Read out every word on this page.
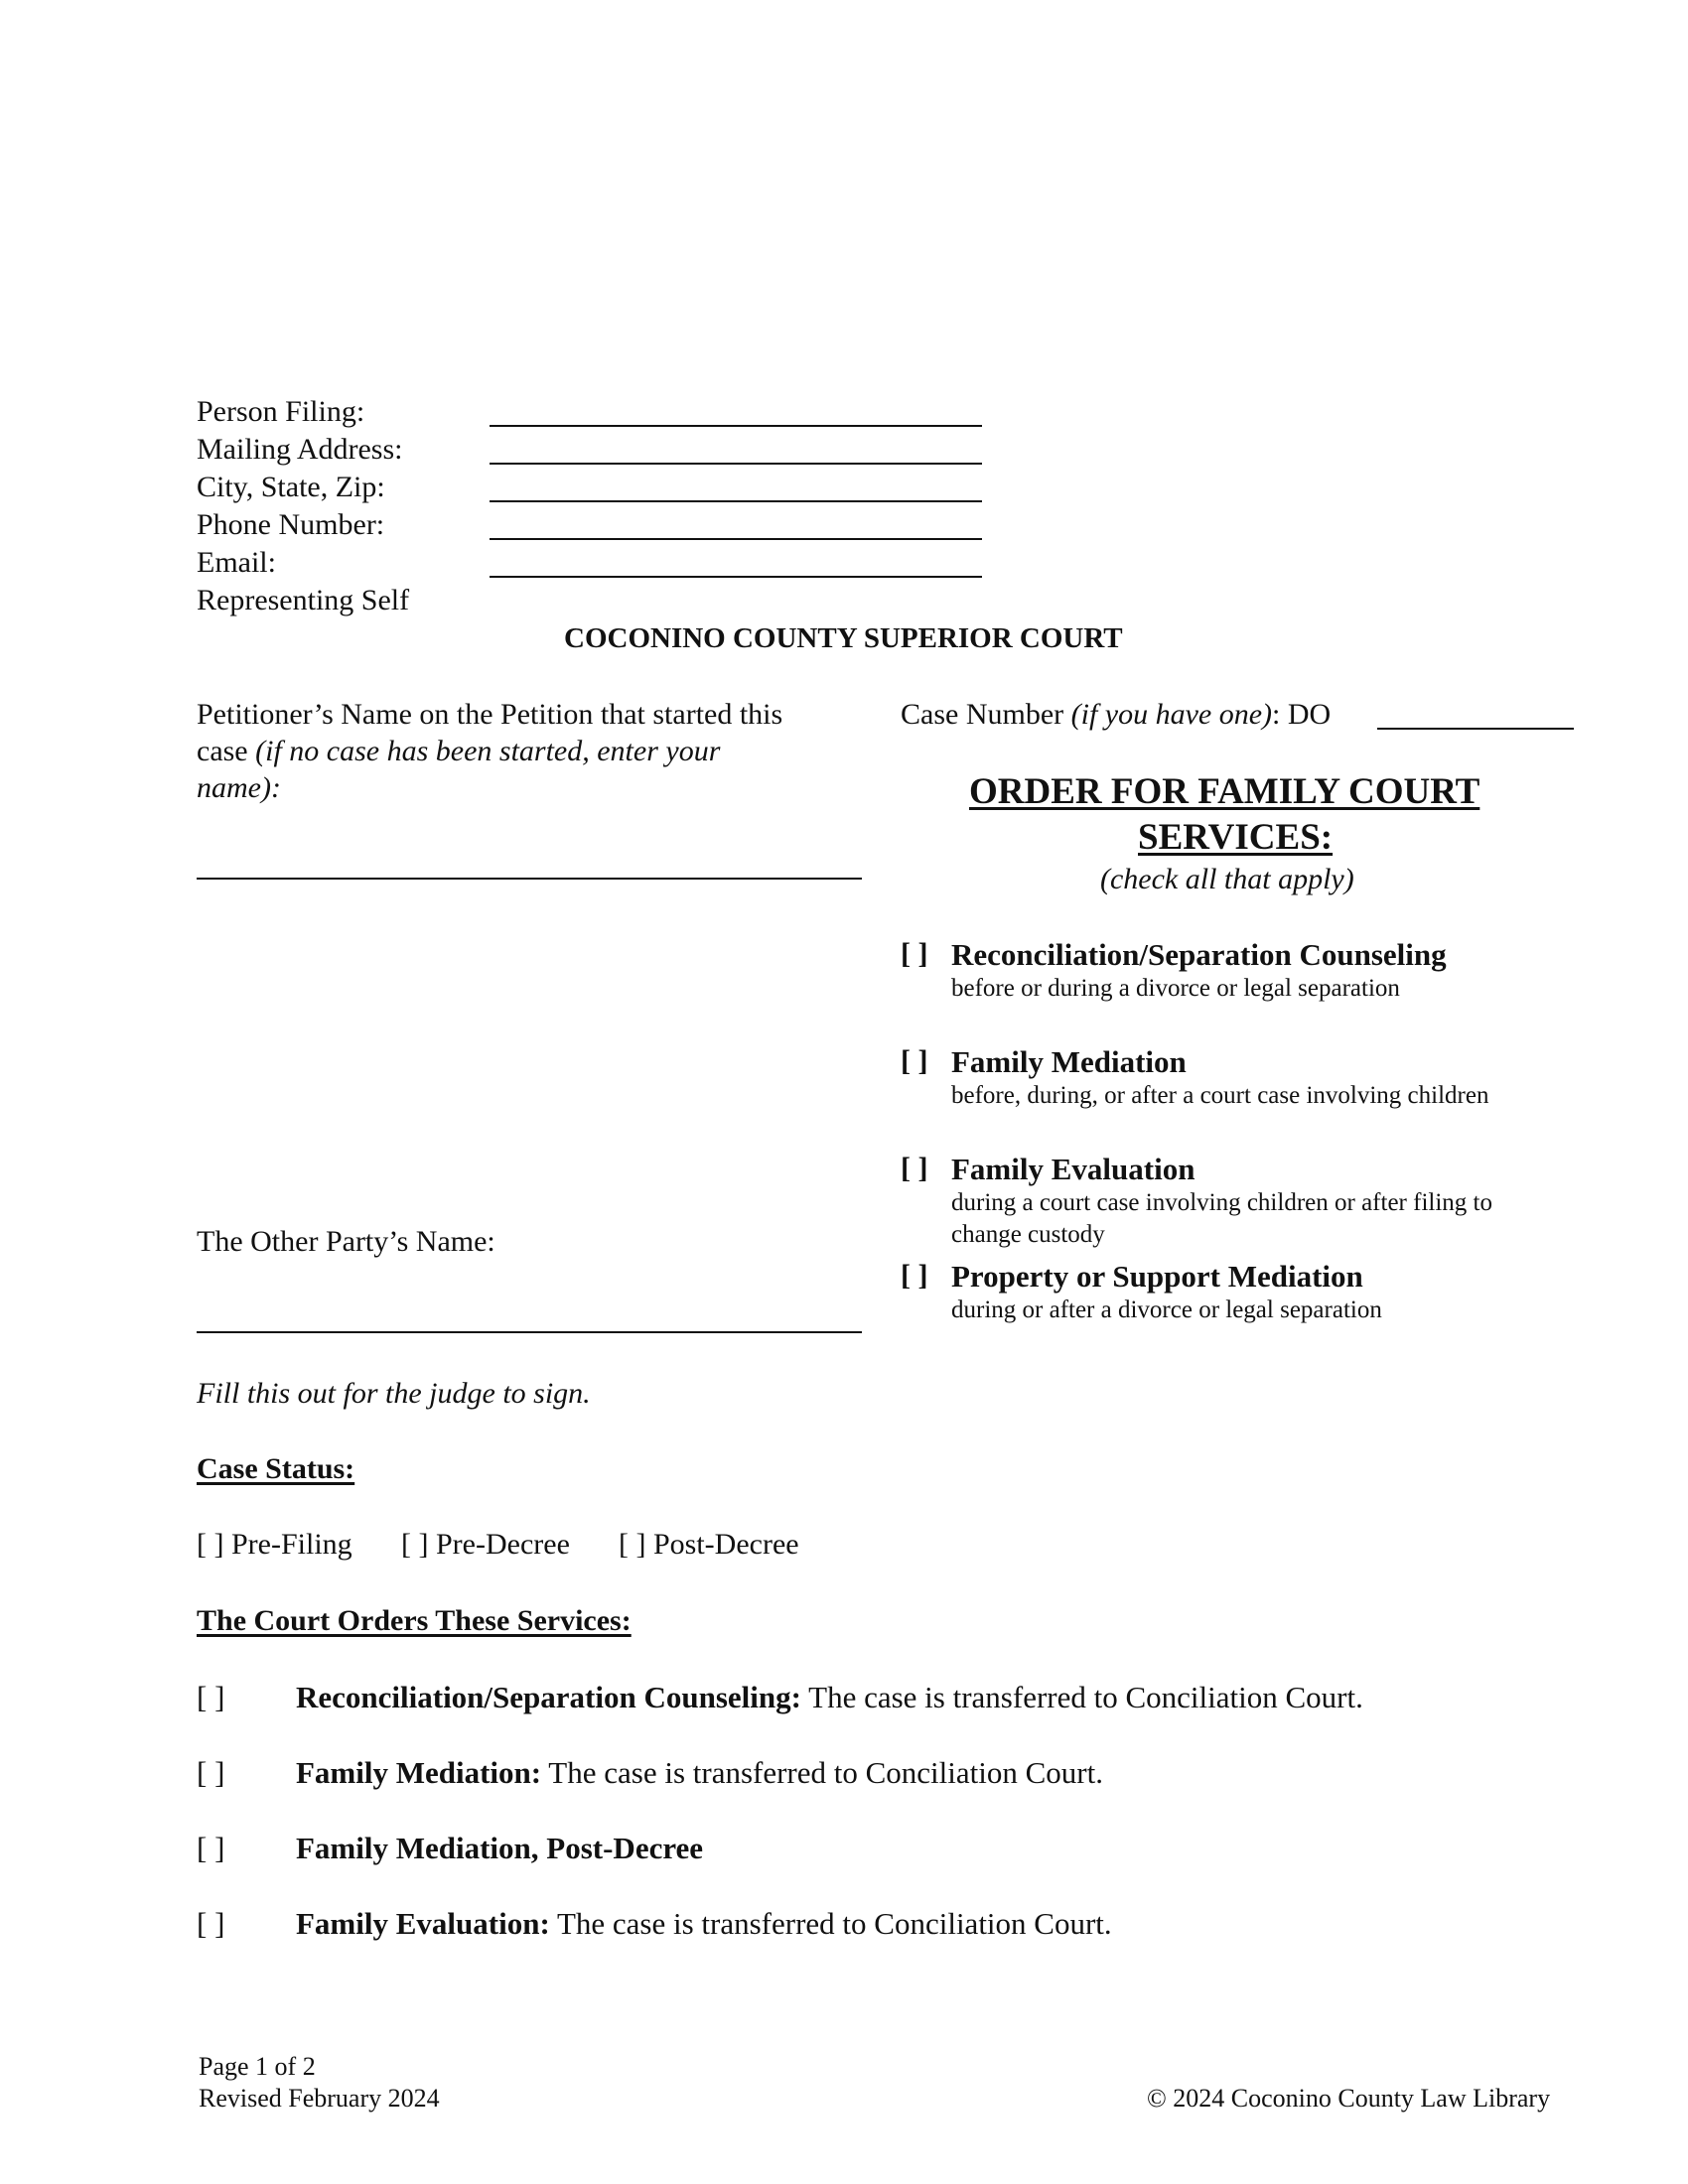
Person Filing:
Mailing Address:
City, State, Zip:
Phone Number:
Email:
Representing Self
COCONINO COUNTY SUPERIOR COURT
Petitioner’s Name on the Petition that started this
case (if no case has been started, enter your
name):
The Other Party’s Name:
Case Number (if you have one): DO
ORDER FOR FAMILY COURT
SERVICES:
(check all that apply)
[ ] Reconciliation/Separation Counseling
before or during a divorce or legal separation
[ ] Family Mediation
before, during, or after a court case involving children
[ ] Family Evaluation
during a court case involving children or after filing to
change custody
[ ] Property or Support Mediation
during or after a divorce or legal separation
Fill this out for the judge to sign.
Case Status:
[ ] Pre-Filing [ ] Pre-Decree [ ] Post-Decree
The Court Orders These Services:
[ ] Reconciliation/Separation Counseling: The case is transferred to Conciliation Court.
[ ] Family Mediation: The case is transferred to Conciliation Court.
[ ] Family Mediation, Post-Decree
[ ] Family Evaluation: The case is transferred to Conciliation Court.
Page 1 of 2
Revised February 2024	© 2024 Coconino County Law Library
